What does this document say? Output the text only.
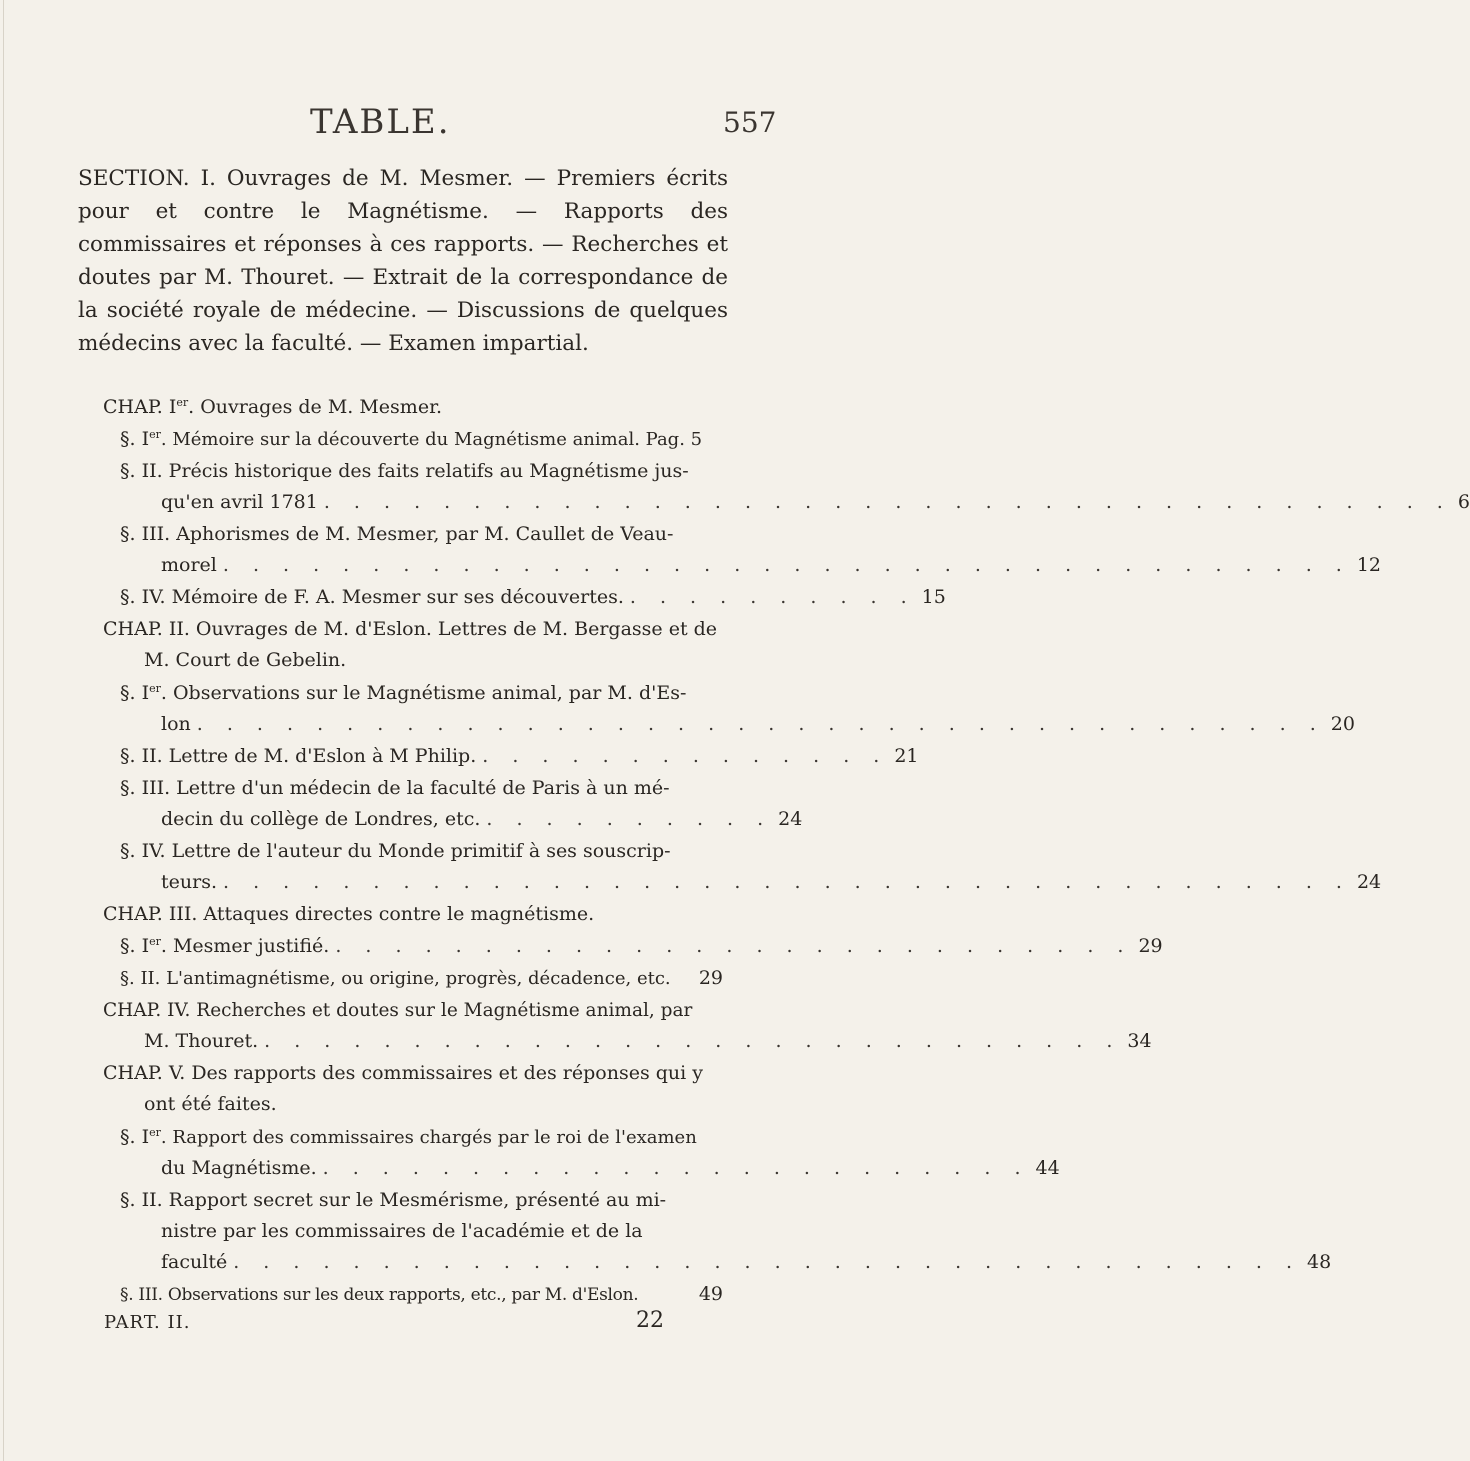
TABLE.	557

SECTION. I. Ouvrages de M. Mesmer. — Premiers écrits pour et contre le Magnétisme. — Rapports des commissaires et réponses à ces rapports. — Recherches et doutes par M. Thouret. — Extrait de la correspondance de la société royale de médecine. — Discussions de quelques médecins avec la faculté. — Examen impartial.

CHAP. Ier. Ouvrages de M. Mesmer.
§. Ier. Mémoire sur la découverte du Magnétisme animal. Pag. 5
§. II. Précis historique des faits relatifs au Magnétisme jus-
qu'en avril 1781 . . . . . . . . . . . . . . . . . . . . . . . . . . . . . . . . . . . . . . 6
§. III. Aphorismes de M. Mesmer, par M. Caullet de Veau-
morel . . . . . . . . . . . . . . . . . . . . . . . . . . . . . . . . . . . . . . 12
§. IV. Mémoire de F. A. Mesmer sur ses découvertes. . . . . . . . . . . 15
CHAP. II. Ouvrages de M. d'Eslon. Lettres de M. Bergasse et de
M. Court de Gebelin.
§. Ier. Observations sur le Magnétisme animal, par M. d'Es-
lon . . . . . . . . . . . . . . . . . . . . . . . . . . . . . . . . . . . . . . 20
§. II. Lettre de M. d'Eslon à M Philip. . . . . . . . . . . . . . . 21
§. III. Lettre d'un médecin de la faculté de Paris à un mé-
decin du collège de Londres, etc. . . . . . . . . . . 24
§. IV. Lettre de l'auteur du Monde primitif à ses souscrip-
teurs. . . . . . . . . . . . . . . . . . . . . . . . . . . . . . . . . . . . . . . 24
CHAP. III. Attaques directes contre le magnétisme.
§. Ier. Mesmer justifié. . . . . . . . . . . . . . . . . . . . . . . . . . . . 29
§. II. L'antimagnétisme, ou origine, progrès, décadence, etc. 29
CHAP. IV. Recherches et doutes sur le Magnétisme animal, par
M. Thouret. . . . . . . . . . . . . . . . . . . . . . . . . . . . . . 34
CHAP. V. Des rapports des commissaires et des réponses qui y
ont été faites.
§. Ier. Rapport des commissaires chargés par le roi de l'examen
du Magnétisme. . . . . . . . . . . . . . . . . . . . . . . . . 44
§. II. Rapport secret sur le Mesmérisme, présenté au mi-
nistre par les commissaires de l'académie et de la
faculté . . . . . . . . . . . . . . . . . . . . . . . . . . . . . . . . . . . . 48
§. III. Observations sur les deux rapports, etc., par M. d'Eslon.	49
PART. II.	22
